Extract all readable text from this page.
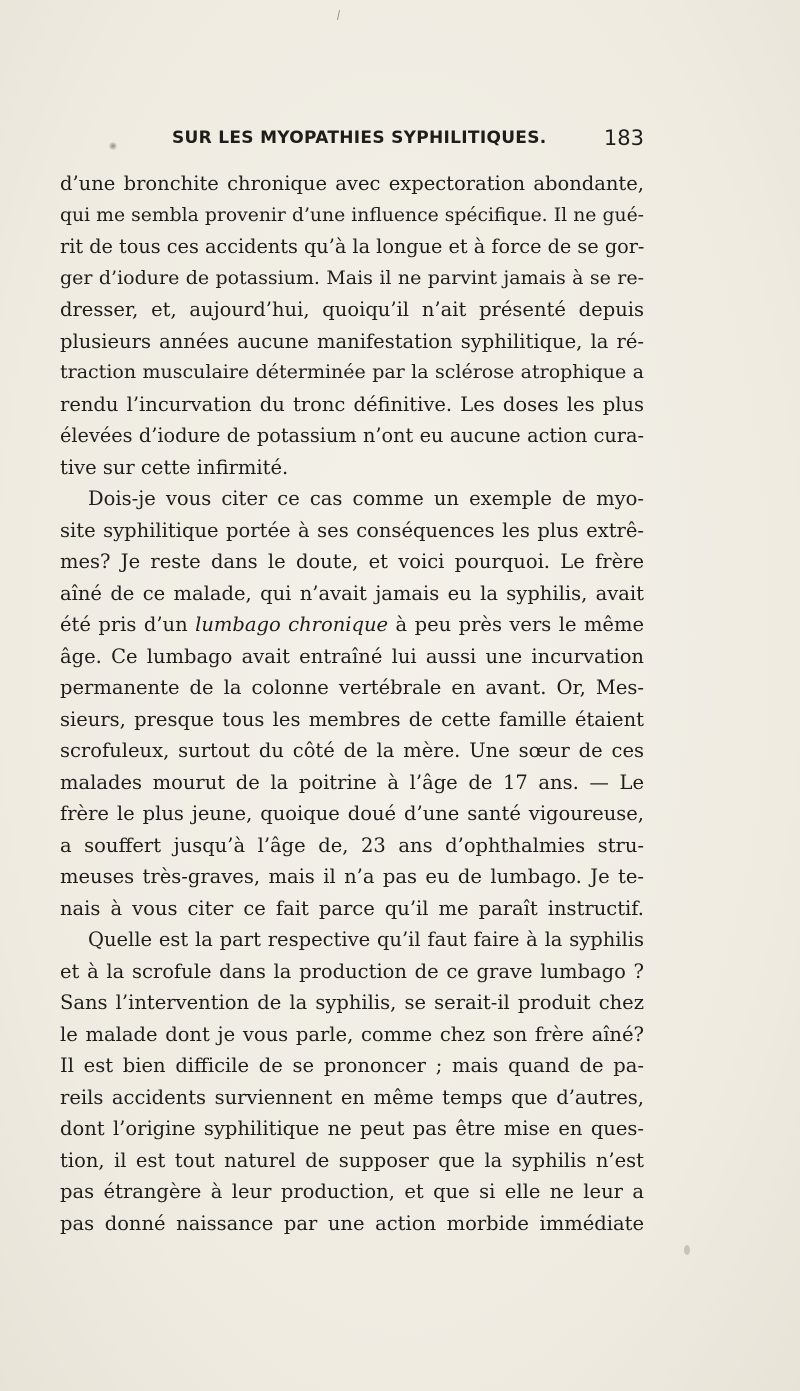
SUR LES MYOPATHIES SYPHILITIQUES.	183
d’une bronchite chronique avec expectoration abondante,
qui me sembla provenir d’une influence spécifique. Il ne gué-
rit de tous ces accidents qu’à la longue et à force de se gor-
ger d’iodure de potassium. Mais il ne parvint jamais à se re-
dresser, et, aujourd’hui, quoiqu’il n’ait présenté depuis
plusieurs années aucune manifestation syphilitique, la ré-
traction musculaire déterminée par la sclérose atrophique a
rendu l’incurvation du tronc définitive. Les doses les plus
élevées d’iodure de potassium n’ont eu aucune action cura-
tive sur cette infirmité.
Dois-je vous citer ce cas comme un exemple de myo-
site syphilitique portée à ses conséquences les plus extrê-
mes? Je reste dans le doute, et voici pourquoi. Le frère
aîné de ce malade, qui n’avait jamais eu la syphilis, avait
été pris d’un lumbago chronique à peu près vers le même
âge. Ce lumbago avait entraîné lui aussi une incurvation
permanente de la colonne vertébrale en avant. Or, Mes-
sieurs, presque tous les membres de cette famille étaient
scrofuleux, surtout du côté de la mère. Une sœur de ces
malades mourut de la poitrine à l’âge de 17 ans. — Le
frère le plus jeune, quoique doué d’une santé vigoureuse,
a souffert jusqu’à l’âge de, 23 ans d’ophthalmies stru-
meuses très-graves, mais il n’a pas eu de lumbago. Je te-
nais à vous citer ce fait parce qu’il me paraît instructif.
Quelle est la part respective qu’il faut faire à la syphilis
et à la scrofule dans la production de ce grave lumbago ?
Sans l’intervention de la syphilis, se serait-il produit chez
le malade dont je vous parle, comme chez son frère aîné?
Il est bien difficile de se prononcer ; mais quand de pa-
reils accidents surviennent en même temps que d’autres,
dont l’origine syphilitique ne peut pas être mise en ques-
tion, il est tout naturel de supposer que la syphilis n’est
pas étrangère à leur production, et que si elle ne leur a
pas donné naissance par une action morbide immédiate
